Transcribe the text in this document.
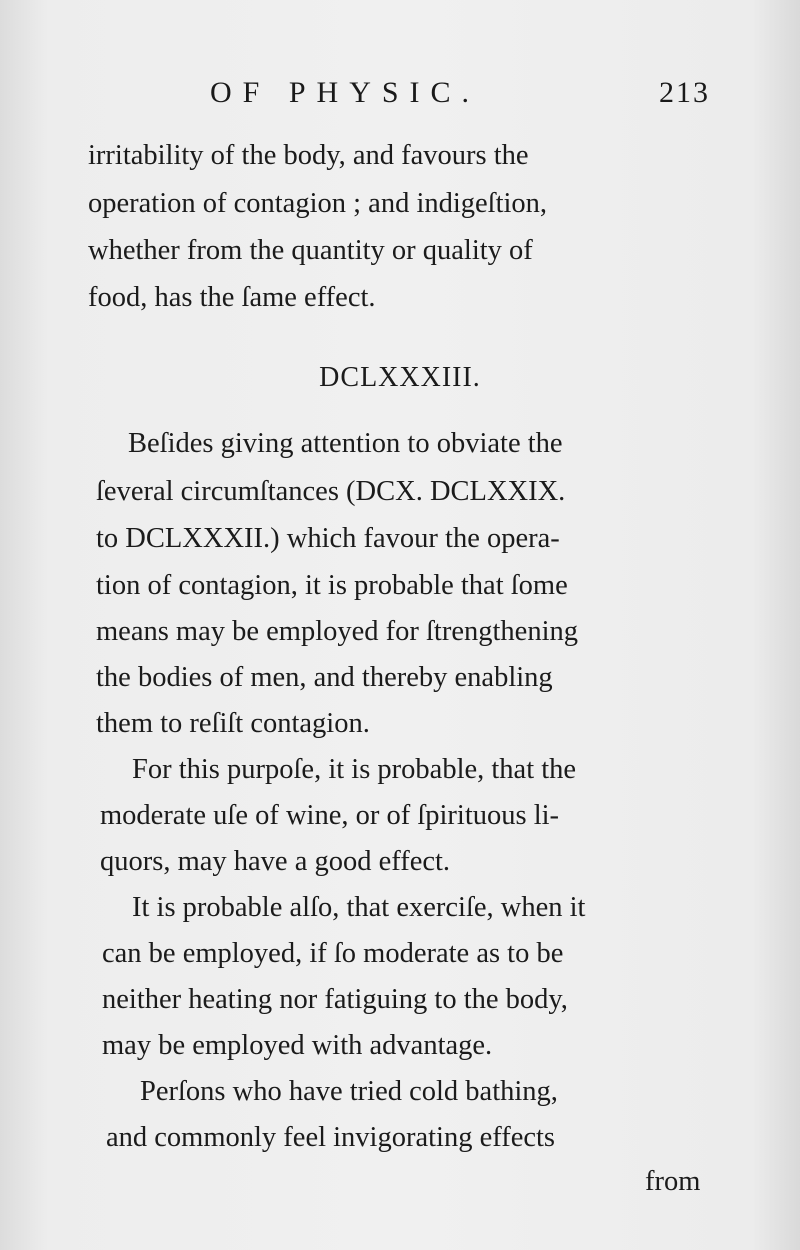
OF PHYSIC.	213
irritability of the body, and favours the
operation of contagion ; and indigeſtion,
whether from the quantity or quality of
food, has the ſame effect.
DCLXXXIII.
Beſides giving attention to obviate the
ſeveral circumſtances (DCX. DCLXXIX.
to DCLXXXII.) which favour the opera-
tion of contagion, it is probable that ſome
means may be employed for ſtrengthening
the bodies of men, and thereby enabling
them to reſiſt contagion.
For this purpoſe, it is probable, that the
moderate uſe of wine, or of ſpirituous li-
quors, may have a good effect.
It is probable alſo, that exerciſe, when it
can be employed, if ſo moderate as to be
neither heating nor fatiguing to the body,
may be employed with advantage.
Perſons who have tried cold bathing,
and commonly feel invigorating effects
from
